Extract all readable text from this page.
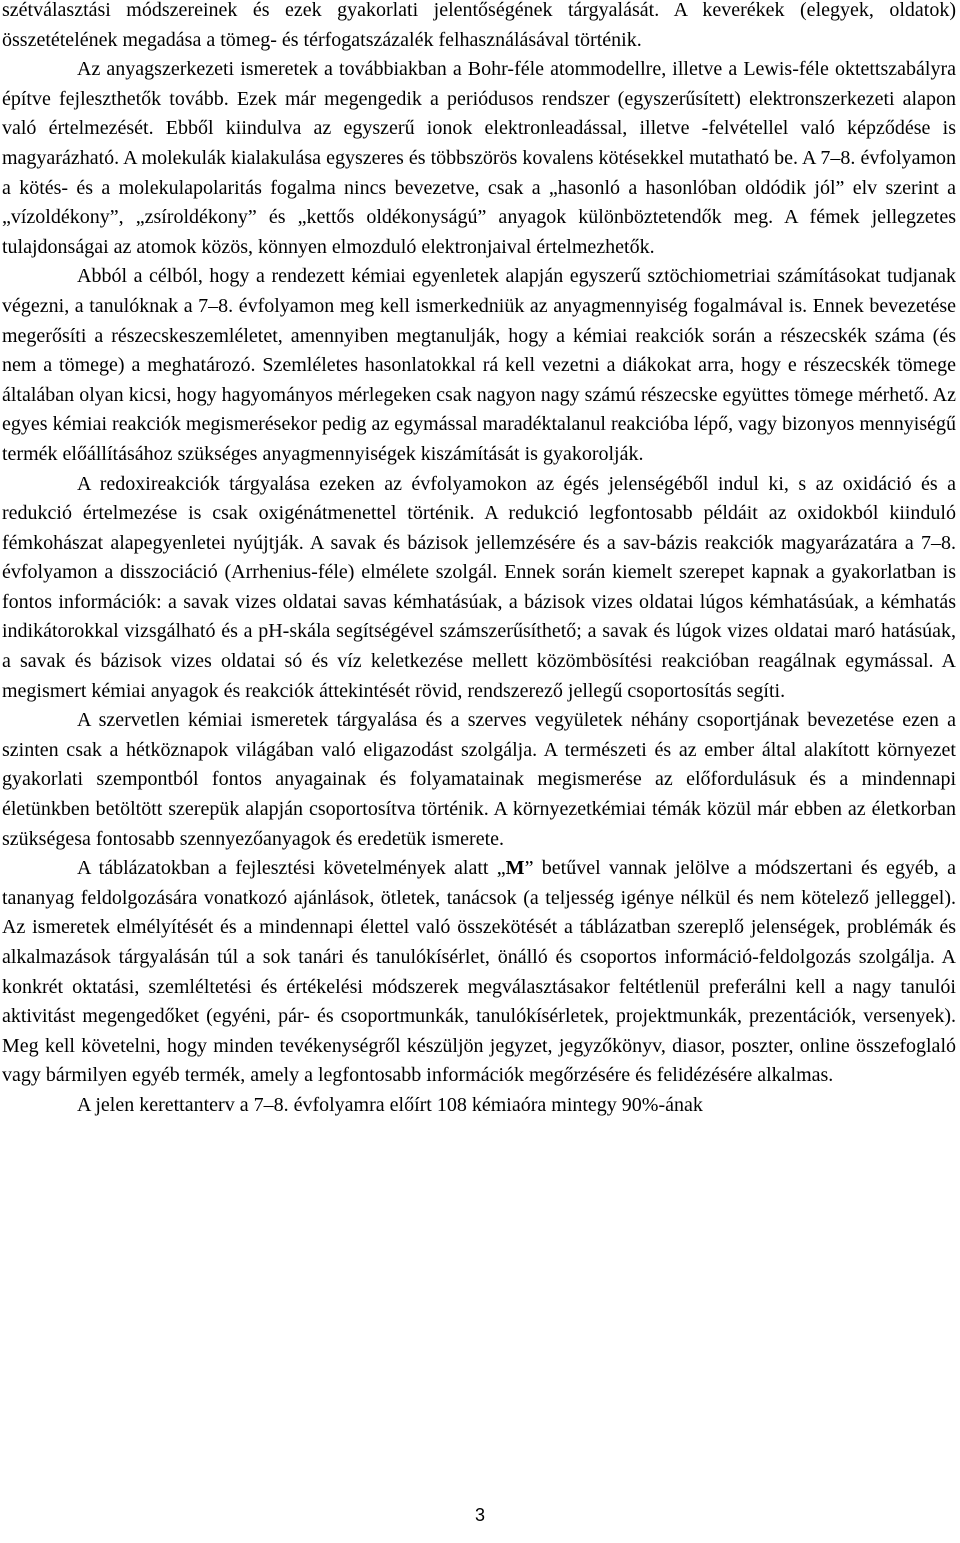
szétválasztási módszereinek és ezek gyakorlati jelentőségének tárgyalását. A keverékek (elegyek, oldatok) összetételének megadása a tömeg- és térfogatszázalék felhasználásával történik.

Az anyagszerkezeti ismeretek a továbbiakban a Bohr-féle atommodellre, illetve a Lewis-féle oktettszabályra építve fejleszthetők tovább. Ezek már megengedik a periódusos rendszer (egyszerűsített) elektronszerkezeti alapon való értelmezését. Ebből kiindulva az egyszerű ionok elektronleadással, illetve -felvétellel való képződése is magyarázható. A molekulák kialakulása egyszeres és többszörös kovalens kötésekkel mutatható be. A 7–8. évfolyamon a kötés- és a molekulapolaritás fogalma nincs bevezetve, csak a „hasonló a hasonlóban oldódik jól” elv szerint a „vízoldékony”, „zsíroldékony” és „kettős oldékonyságú” anyagok különböztetendők meg. A fémek jellegzetes tulajdonságai az atomok közös, könnyen elmozduló elektronjaival értelmezhetők.

Abból a célból, hogy a rendezett kémiai egyenletek alapján egyszerű sztöchiometriai számításokat tudjanak végezni, a tanulóknak a 7–8. évfolyamon meg kell ismerkedniük az anyagmennyiség fogalmával is. Ennek bevezetése megerősíti a részecskeszemléletet, amennyiben megtanulják, hogy a kémiai reakciók során a részecskék száma (és nem a tömege) a meghatározó. Szemléletes hasonlatokkal rá kell vezetni a diákokat arra, hogy e részecskék tömege általában olyan kicsi, hogy hagyományos mérlegeken csak nagyon nagy számú részecske együttes tömege mérhető. Az egyes kémiai reakciók megismerésekor pedig az egymással maradéktalanul reakcióba lépő, vagy bizonyos mennyiségű termék előállításához szükséges anyagmennyiségek kiszámítását is gyakorolják.

A redoxireakciók tárgyalása ezeken az évfolyamokon az égés jelenségéből indul ki, s az oxidáció és a redukció értelmezése is csak oxigénátmenettel történik. A redukció legfontosabb példáit az oxidokból kiinduló fémkohászat alapegyenletei nyújtják. A savak és bázisok jellemzésére és a sav-bázis reakciók magyarázatára a 7–8. évfolyamon a disszociáció (Arrhenius-féle) elmélete szolgál. Ennek során kiemelt szerepet kapnak a gyakorlatban is fontos információk: a savak vizes oldatai savas kémhatásúak, a bázisok vizes oldatai lúgos kémhatásúak, a kémhatás indikátorokkal vizsgálható és a pH-skála segítségével számszerűsíthető; a savak és lúgok vizes oldatai maró hatásúak, a savak és bázisok vizes oldatai só és víz keletkezése mellett közömbösítési reakcióban reagálnak egymással. A megismert kémiai anyagok és reakciók áttekintését rövid, rendszerező jellegű csoportosítás segíti.

A szervetlen kémiai ismeretek tárgyalása és a szerves vegyületek néhány csoportjának bevezetése ezen a szinten csak a hétköznapok világában való eligazodást szolgálja. A természeti és az ember által alakított környezet gyakorlati szempontból fontos anyagainak és folyamatainak megismerése az előfordulásuk és a mindennapi életünkben betöltött szerepük alapján csoportosítva történik. A környezetkémiai témák közül már ebben az életkorban szükségesa fontosabb szennyezőanyagok és eredetük ismerete.

A táblázatokban a fejlesztési követelmények alatt „M” betűvel vannak jelölve a módszertani és egyéb, a tananyag feldolgozására vonatkozó ajánlások, ötletek, tanácsok (a teljesség igénye nélkül és nem kötelező jelleggel). Az ismeretek elmélyítését és a mindennapi élettel való összekötését a táblázatban szereplő jelenségek, problémák és alkalmazások tárgyalásán túl a sok tanári és tanulókísérlet, önálló és csoportos információ-feldolgozás szolgálja. A konkrét oktatási, szemléltetési és értékelési módszerek megválasztásakor feltétlenül preferálni kell a nagy tanulói aktivitást megengedőket (egyéni, pár- és csoportmunkák, tanulókísérletek, projektmunkák, prezentációk, versenyek). Meg kell követelni, hogy minden tevékenységről készüljön jegyzet, jegyzőkönyv, diasor, poszter, online összefoglaló vagy bármilyen egyéb termék, amely a legfontosabb információk megőrzésére és felidézésére alkalmas.

A jelen kerettanterv a 7–8. évfolyamra előírt 108 kémiaóra mintegy 90%-ának

3
